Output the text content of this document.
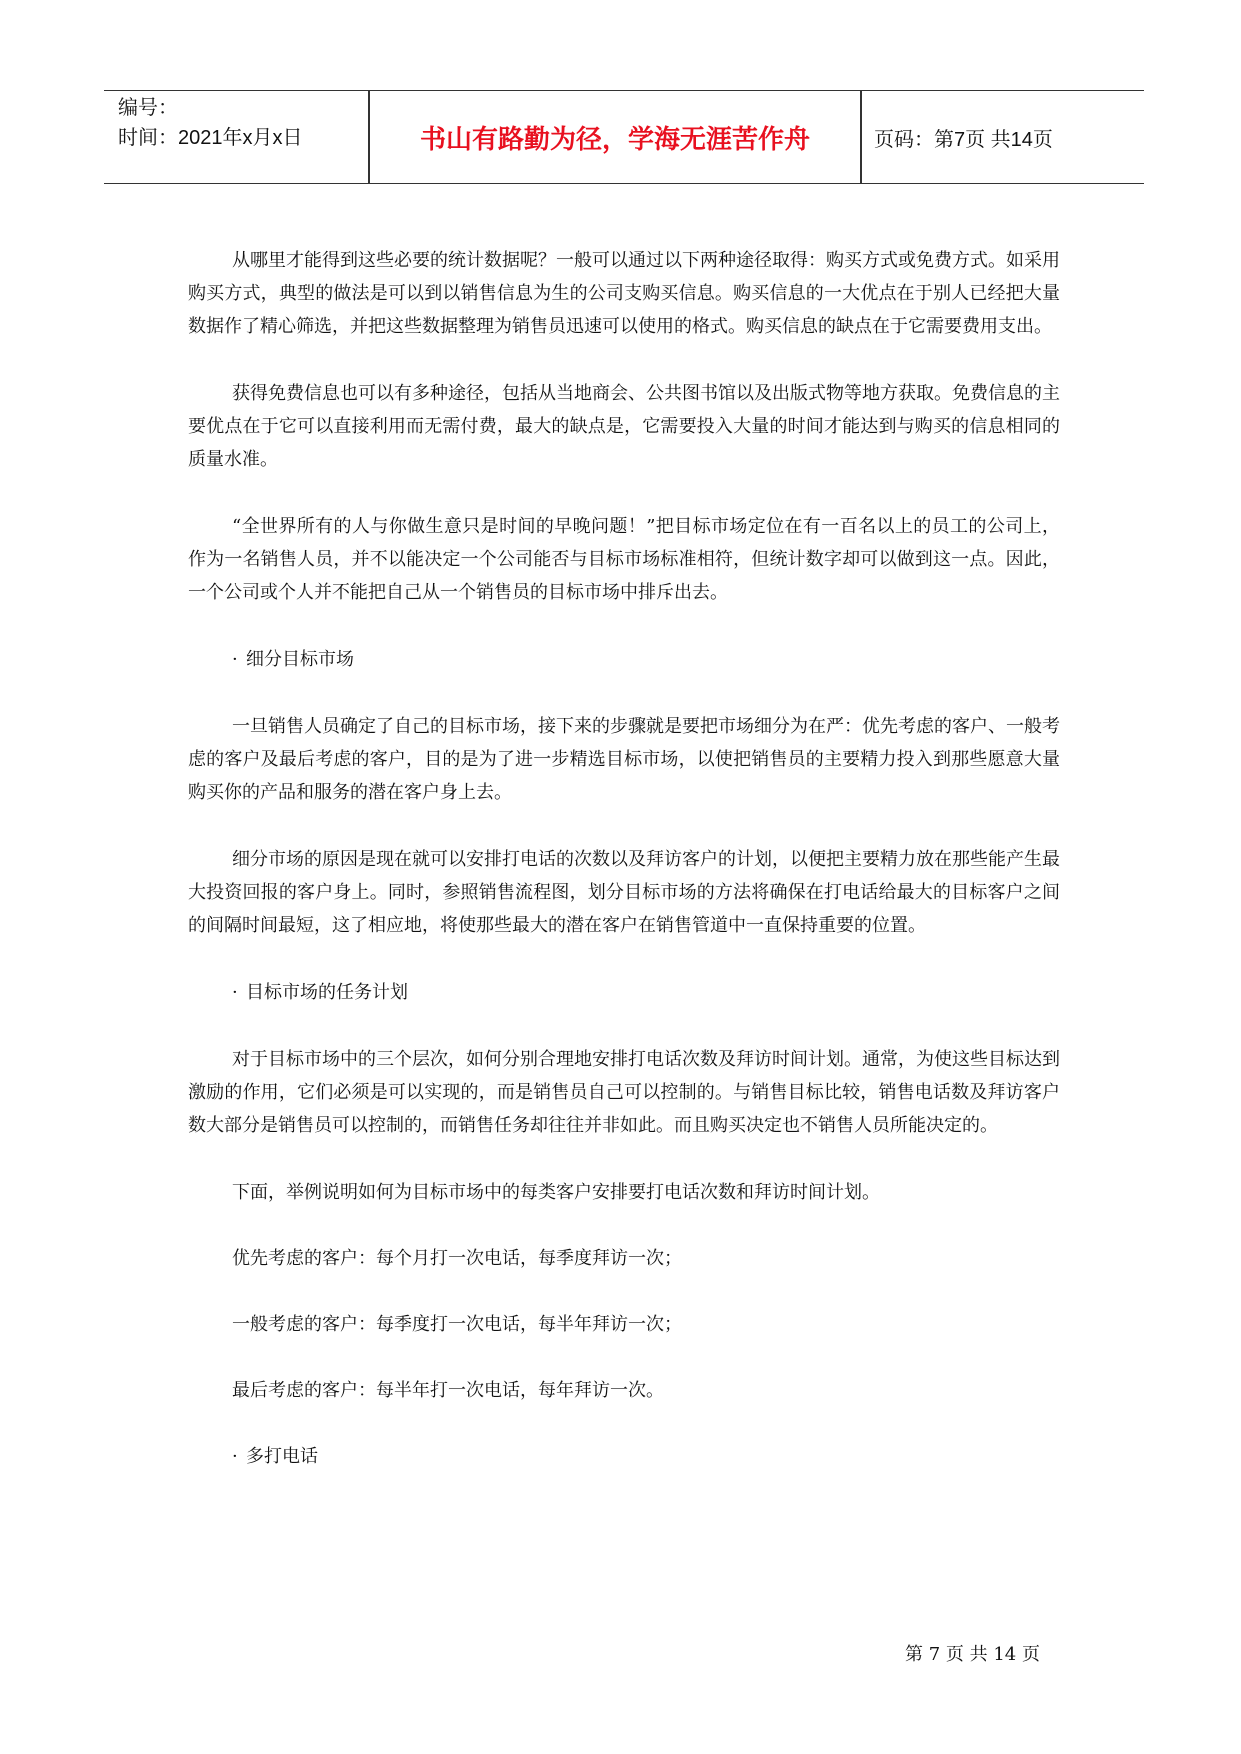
编号：
时间：2021年x月x日	书山有路勤为径，学海无涯苦作舟	页码：第7页 共14页

从哪里才能得到这些必要的统计数据呢？一般可以通过以下两种途径取得：购买方式或免费方式。如采用购买方式，典型的做法是可以到以销售信息为生的公司支购买信息。购买信息的一大优点在于别人已经把大量数据作了精心筛选，并把这些数据整理为销售员迅速可以使用的格式。购买信息的缺点在于它需要费用支出。

获得免费信息也可以有多种途径，包括从当地商会、公共图书馆以及出版式物等地方获取。免费信息的主要优点在于它可以直接利用而无需付费，最大的缺点是，它需要投入大量的时间才能达到与购买的信息相同的质量水准。

“全世界所有的人与你做生意只是时间的早晚问题！”把目标市场定位在有一百名以上的员工的公司上，作为一名销售人员，并不以能决定一个公司能否与目标市场标准相符，但统计数字却可以做到这一点。因此，一个公司或个人并不能把自己从一个销售员的目标市场中排斥出去。

· 细分目标市场

一旦销售人员确定了自己的目标市场，接下来的步骤就是要把市场细分为在严：优先考虑的客户、一般考虑的客户及最后考虑的客户，目的是为了进一步精选目标市场，以使把销售员的主要精力投入到那些愿意大量购买你的产品和服务的潜在客户身上去。

细分市场的原因是现在就可以安排打电话的次数以及拜访客户的计划，以便把主要精力放在那些能产生最大投资回报的客户身上。同时，参照销售流程图，划分目标市场的方法将确保在打电话给最大的目标客户之间的间隔时间最短，这了相应地，将使那些最大的潜在客户在销售管道中一直保持重要的位置。

· 目标市场的任务计划

对于目标市场中的三个层次，如何分别合理地安排打电话次数及拜访时间计划。通常，为使这些目标达到激励的作用，它们必须是可以实现的，而是销售员自己可以控制的。与销售目标比较，销售电话数及拜访客户数大部分是销售员可以控制的，而销售任务却往往并非如此。而且购买决定也不销售人员所能决定的。

下面，举例说明如何为目标市场中的每类客户安排要打电话次数和拜访时间计划。

优先考虑的客户：每个月打一次电话，每季度拜访一次；

一般考虑的客户：每季度打一次电话，每半年拜访一次；

最后考虑的客户：每半年打一次电话，每年拜访一次。

· 多打电话

第 7 页 共 14 页
